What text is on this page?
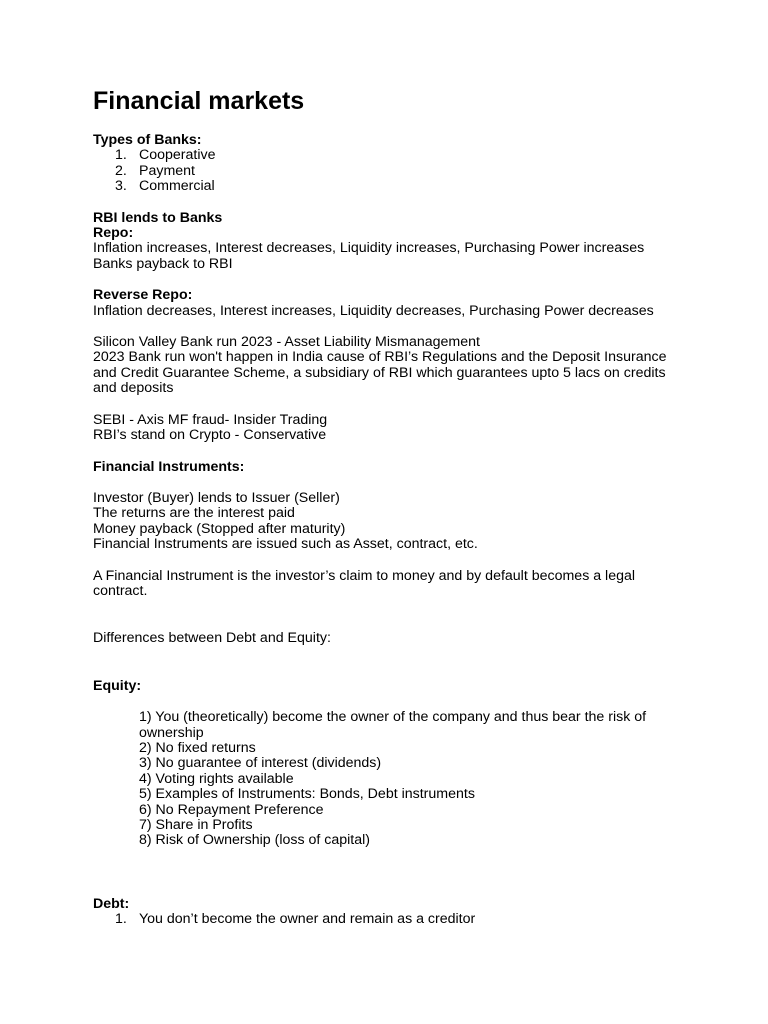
Financial markets
Types of Banks:
1. Cooperative
2. Payment
3. Commercial
RBI lends to Banks
Repo:
Inflation increases, Interest decreases, Liquidity increases, Purchasing Power increases
Banks payback to RBI
Reverse Repo:
Inflation decreases, Interest increases, Liquidity decreases, Purchasing Power decreases
Silicon Valley Bank run 2023 - Asset Liability Mismanagement
2023 Bank run won't happen in India cause of RBI’s Regulations and the Deposit Insurance and Credit Guarantee Scheme, a subsidiary of RBI which guarantees upto 5 lacs on credits and deposits
SEBI - Axis MF fraud- Insider Trading
RBI’s stand on Crypto - Conservative
Financial Instruments:
Investor (Buyer) lends to Issuer (Seller)
The returns are the interest paid
Money payback (Stopped after maturity)
Financial Instruments are issued such as Asset, contract, etc.
A Financial Instrument is the investor’s claim to money and by default becomes a legal contract.
Differences between Debt and Equity:
Equity:
1) You (theoretically) become the owner of the company and thus bear the risk of ownership
2) No fixed returns
3) No guarantee of interest (dividends)
4) Voting rights available
5) Examples of Instruments: Bonds, Debt instruments
6) No Repayment Preference
7) Share in Profits
8) Risk of Ownership (loss of capital)
Debt:
1. You don’t become the owner and remain as a creditor
